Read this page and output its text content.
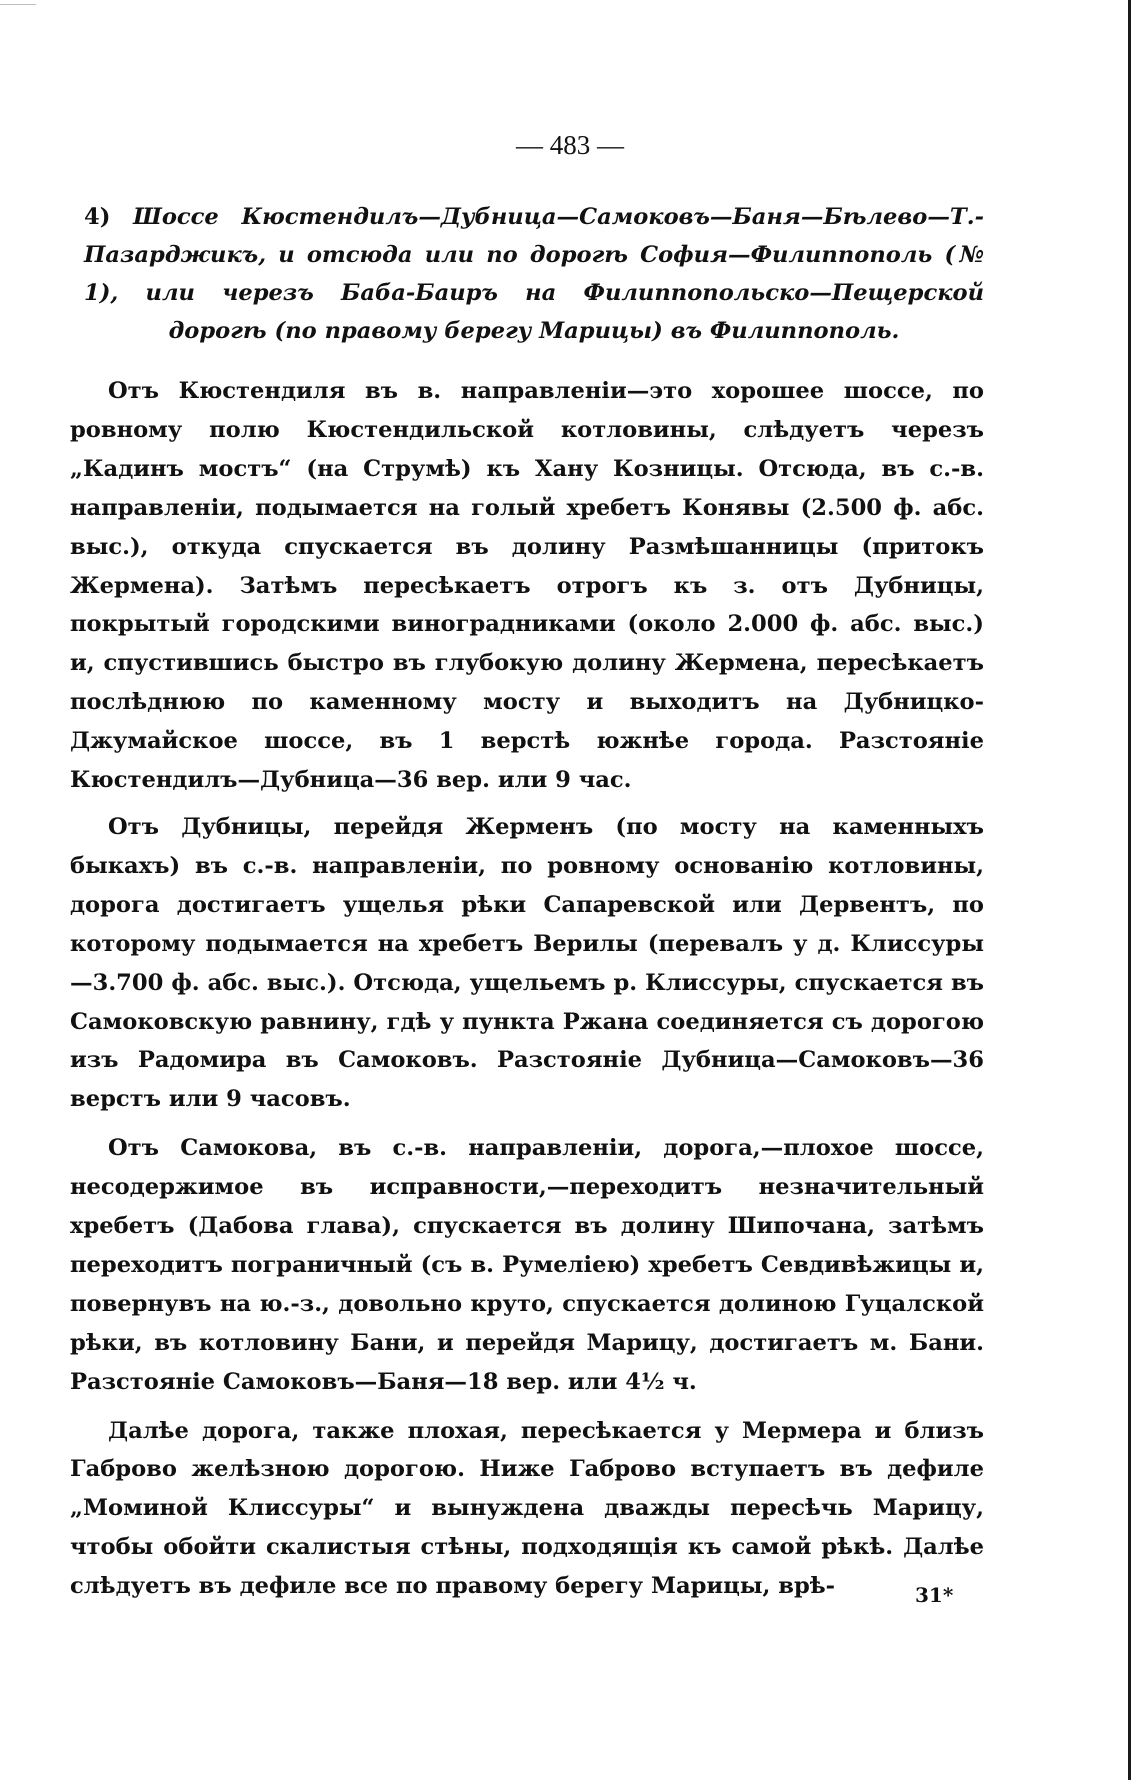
— 483 —
4) Шоссе Кюстендилъ—Дубница—Самоковъ—Баня—Бѣлево—Т.-Пазарджикъ, и отсюда или по дорогѣ София—Филиппополь (№ 1), или черезъ Баба-Баиръ на Филиппопольско—Пещерской дорогѣ (по правому берегу Марицы) въ Филиппополь.

Отъ Кюстендиля въ в. направленіи—это хорошее шоссе, по ровному полю Кюстендильской котловины, слѣдуетъ черезъ „Кадинъ мостъ“ (на Струмѣ) къ Хану Козницы. Отсюда, въ с.-в. направленіи, подымается на голый хребетъ Конявы (2.500 ф. абс. выс.), откуда спускается въ долину Размѣшанницы (притокъ Жермена). Затѣмъ пересѣкаетъ отрогъ къ з. отъ Дубницы, покрытый городскими виноградниками (около 2.000 ф. абс. выс.) и, спустившись быстро въ глубокую долину Жермена, пересѣкаетъ послѣднюю по каменному мосту и выходитъ на Дубницко-Джумайское шоссе, въ 1 верстѣ южнѣе города. Разстояніе Кюстендилъ—Дубница—36 вер. или 9 час.

Отъ Дубницы, перейдя Жерменъ (по мосту на каменныхъ быкахъ) въ с.-в. направленіи, по ровному основанію котловины, дорога достигаетъ ущелья рѣки Сапаревской или Дервентъ, по которому подымается на хребетъ Верилы (перевалъ у д. Клиссуры—3.700 ф. абс. выс.). Отсюда, ущельемъ р. Клиссуры, спускается въ Самоковскую равнину, гдѣ у пункта Ржана соединяется съ дорогою изъ Радомира въ Самоковъ. Разстояніе Дубница—Самоковъ—36 верстъ или 9 часовъ.

Отъ Самокова, въ с.-в. направленіи, дорога,—плохое шоссе, несодержимое въ исправности,—переходитъ незначительный хребетъ (Дабова глава), спускается въ долину Шипочана, затѣмъ переходитъ пограничный (съ в. Румеліею) хребетъ Севдивѣжицы и, повернувъ на ю.-з., довольно круто, спускается долиною Гуцалской рѣки, въ котловину Бани, и перейдя Марицу, достигаетъ м. Бани. Разстояніе Самоковъ—Баня—18 вер. или 4½ ч.

Далѣе дорога, также плохая, пересѣкается у Мермера и близъ Габрово желѣзною дорогою. Ниже Габрово вступаетъ въ дефиле „Моминой Клиссуры“ и вынуждена дважды пересѣчь Марицу, чтобы обойти скалистыя стѣны, подходящія къ самой рѣкѣ. Далѣе слѣдуетъ въ дефиле все по правому берегу Марицы, врѣ-	31*
